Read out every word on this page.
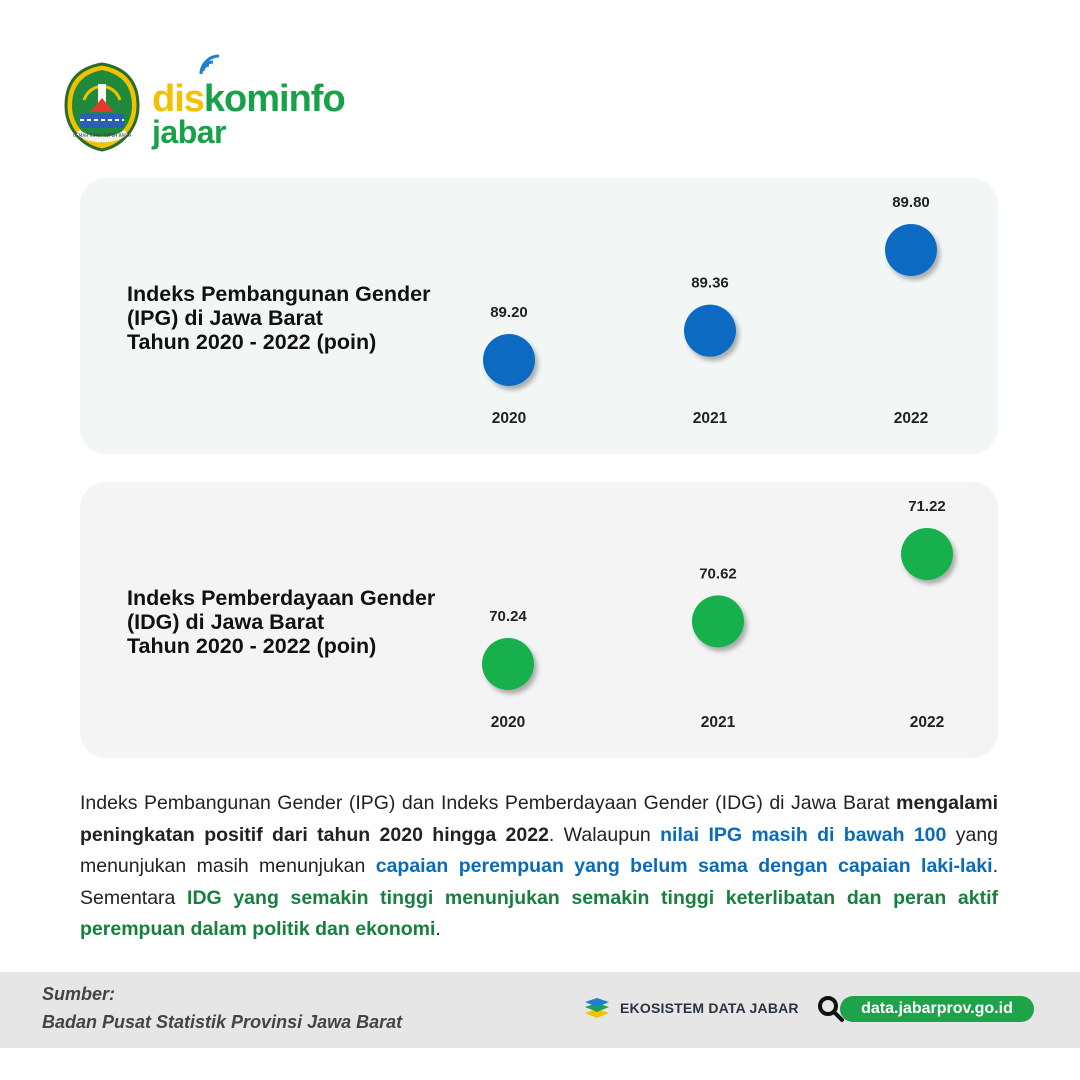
GEMAH RIPAH REPEH RAPIH
diskominfo
jabar
Indeks Pembangunan Gender
(IPG) di Jawa Barat
Tahun 2020 - 2022 (poin)
89.20
2020
89.36
2021
89.80
2022
Indeks Pemberdayaan Gender
(IDG) di Jawa Barat
Tahun 2020 - 2022 (poin)
70.24
2020
70.62
2021
71.22
2022

Indeks Pembangunan Gender (IPG) dan Indeks Pemberdayaan Gender (IDG) di Jawa Barat mengalami peningkatan positif dari tahun 2020 hingga 2022. Walaupun nilai IPG masih di bawah 100 yang menunjukan masih menunjukan capaian perempuan yang belum sama dengan capaian laki-laki. Sementara IDG yang semakin tinggi menunjukan semakin tinggi keterlibatan dan peran aktif perempuan dalam politik dan ekonomi.

Sumber:
Badan Pusat Statistik Provinsi Jawa Barat
EKOSISTEM DATA JABAR	data.jabarprov.go.id
